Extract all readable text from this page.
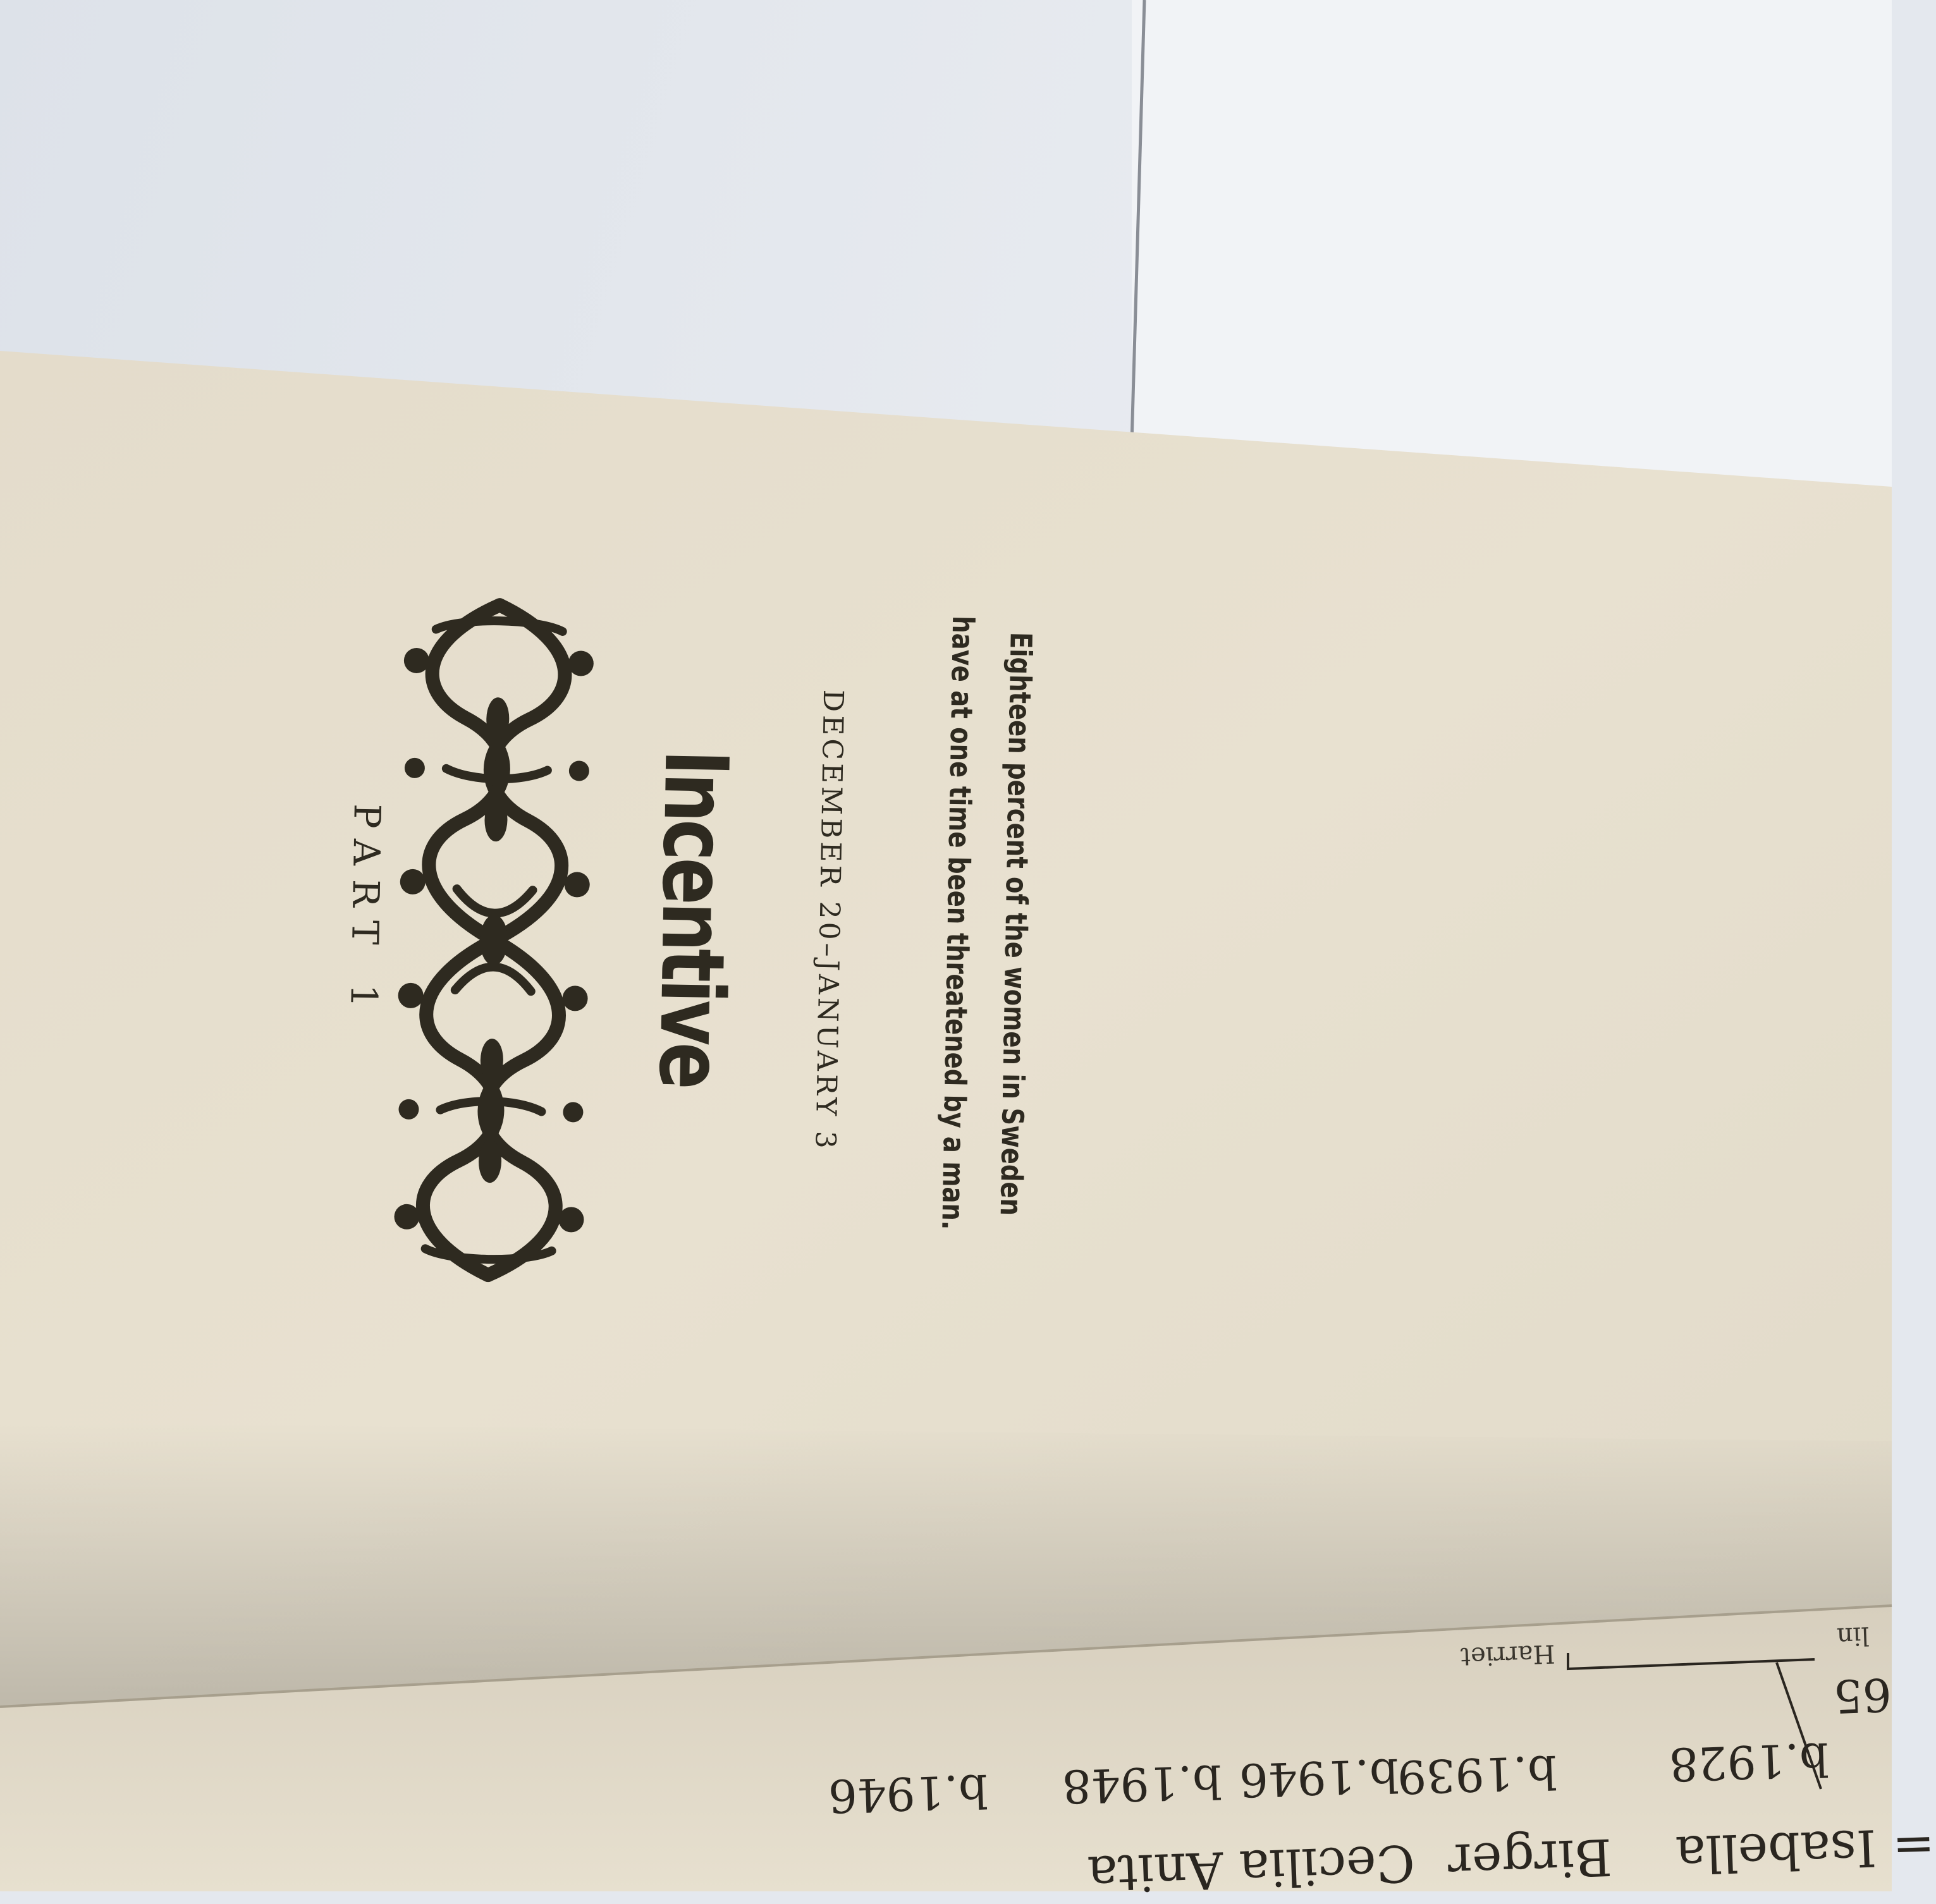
PART 1	Incentive DECEMBER 20–JANUARY 3	Eighteen percent of the women in Sweden
have at one time been threatened by a man.
Harriet
65
lin
b.1928
b.1939
b.1946
b.1948
b.1946
= Isabella
Birger
Cecilia
Anita
